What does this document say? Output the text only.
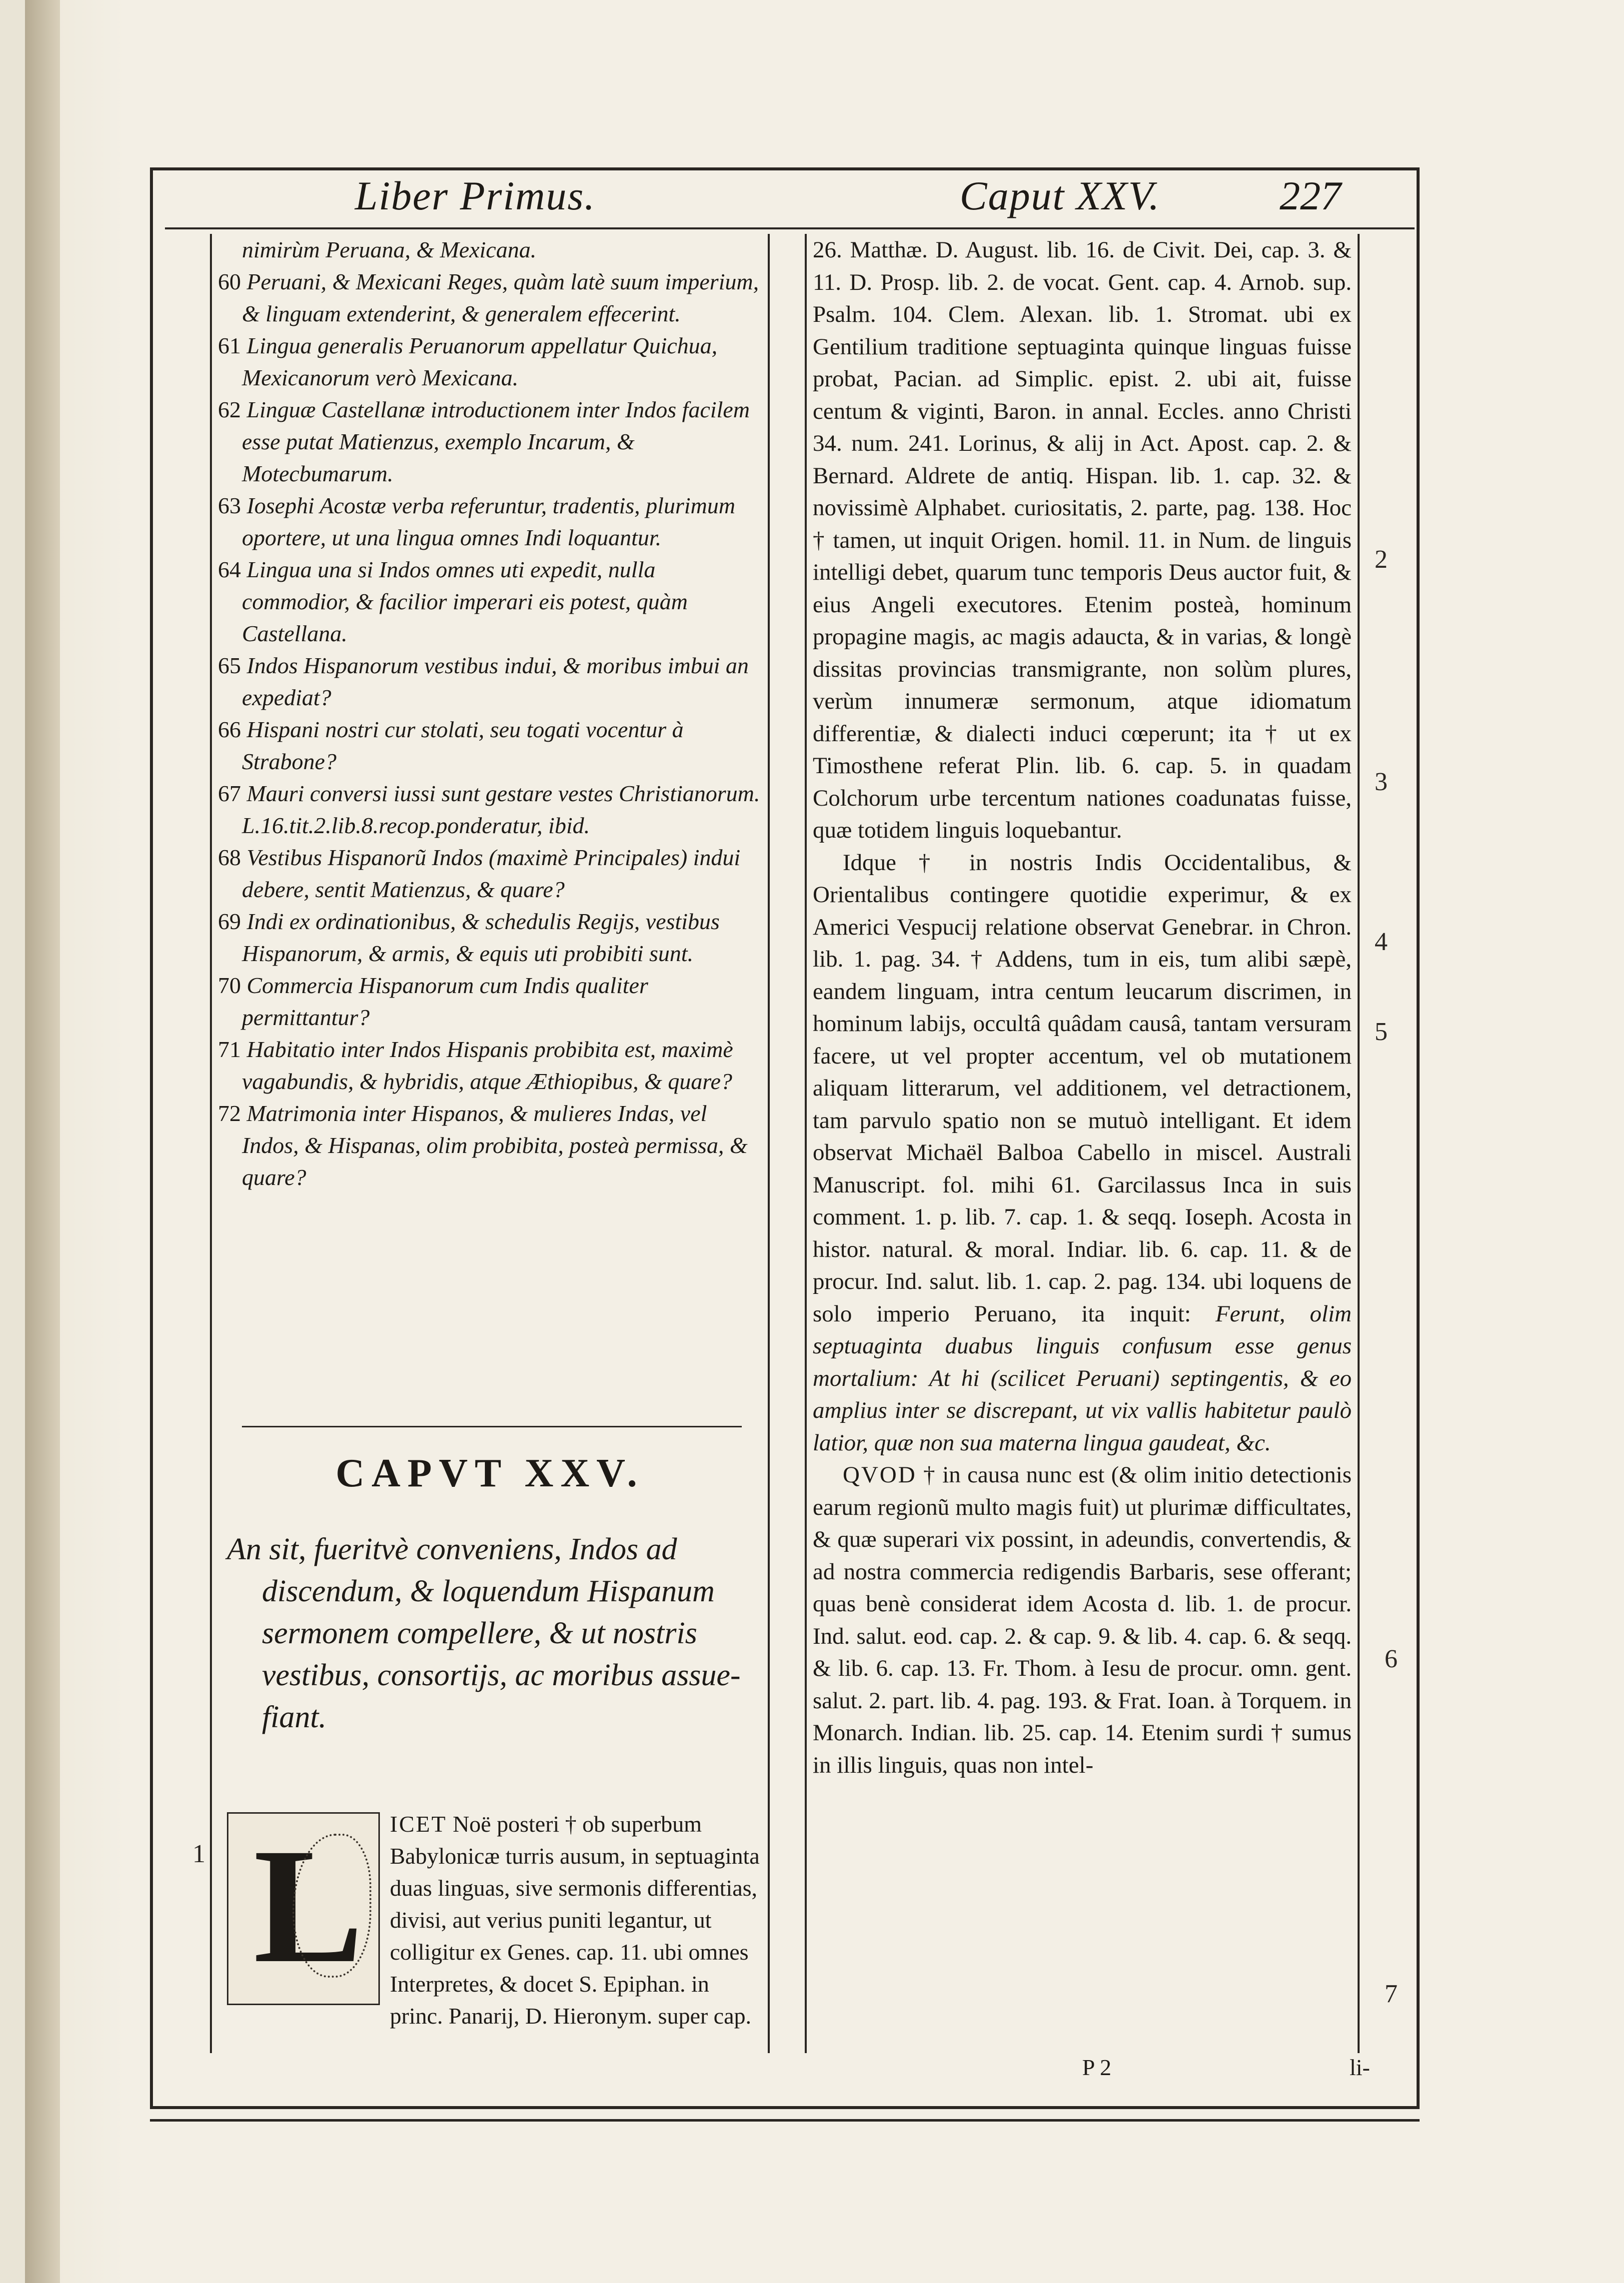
Liber Primus.	Caput XXV.	227

nimirùm Peruana, & Mexicana.

60 Peruani, & Mexicani Reges, quàm latè suum imperium, & linguam extenderint, & generalem effecerint.

61 Lingua generalis Peruanorum appellatur Quichua, Mexicanorum verò Mexicana.

62 Linguæ Castellanæ introductionem inter Indos facilem esse putat Matienzus, exemplo Incarum, & Motecbumarum.

63 Iosephi Acostæ verba referuntur, tradentis, plurimum oportere, ut una lingua omnes Indi loquantur.

64 Lingua una si Indos omnes uti expedit, nulla commodior, & facilior imperari eis potest, quàm Castellana.

65 Indos Hispanorum vestibus indui, & moribus imbui an expediat?

66 Hispani nostri cur stolati, seu togati vocentur à Strabone?

67 Mauri conversi iussi sunt gestare vestes Christianorum.

L.16.tit.2.lib.8.recop.ponderatur, ibid.

68 Vestibus Hispanorũ Indos (maximè Principales) indui debere, sentit Matienzus, & quare?

69 Indi ex ordinationibus, & schedulis Regijs, vestibus Hispanorum, & armis, & equis uti probibiti sunt.

70 Commercia Hispanorum cum Indis qualiter permittantur?

71 Habitatio inter Indos Hispanis probibita est, maximè vagabundis, & hybridis, atque Æthiopibus, & quare?

72 Matrimonia inter Hispanos, & mulieres Indas, vel Indos, & Hispanas, olim probibita, posteà permissa, & quare?

CAPVT XXV.
An sit, fueritvè conveniens, Indos ad
discendum, & loquendum Hispanum
sermonem compellere, & ut nostris
vestibus, consortijs, ac moribus assue-
fiant.
L ICET Noë posteri † ob superbum Babylonicæ turris ausum, in septuaginta duas linguas, sive sermonis differentias, divisi, aut verius puniti legantur, ut colligitur ex Genes. cap. 11. ubi omnes Interpretes, & docet S. Epiphan. in princ. Panarij, D. Hieronym. super cap.

26. Matthæ. D. August. lib. 16. de Civit. Dei, cap. 3. & 11. D. Prosp. lib. 2. de vocat. Gent. cap. 4. Arnob. sup. Psalm. 104. Clem. Alexan. lib. 1. Stromat. ubi ex Gentilium traditione septuaginta quinque linguas fuisse probat, Pacian. ad Simplic. epist. 2. ubi ait, fuisse centum & viginti, Baron. in annal. Eccles. anno Christi 34. num. 241. Lorinus, & alij in Act. Apost. cap. 2. & Bernard. Aldrete de antiq. Hispan. lib. 1. cap. 32. & novissimè Alphabet. curiositatis, 2. parte, pag. 138. Hoc † tamen, ut inquit Origen. homil. 11. in Num. de linguis intelligi debet, quarum tunc temporis Deus auctor fuit, & eius Angeli executores. Etenim posteà, hominum propagine magis, ac magis adaucta, & in varias, & longè dissitas provincias transmigrante, non solùm plures, verùm innumeræ sermonum, atque idiomatum differentiæ, & dialecti induci cœperunt; ita † ut ex Timosthene referat Plin. lib. 6. cap. 5. in quadam Colchorum urbe tercentum nationes coadunatas fuisse, quæ totidem linguis loquebantur.

Idque † in nostris Indis Occidentalibus, & Orientalibus contingere quotidie experimur, & ex Americi Vespucij relatione observat Genebrar. in Chron. lib. 1. pag. 34. † Addens, tum in eis, tum alibi sæpè, eandem linguam, intra centum leucarum discrimen, in hominum labijs, occultâ quâdam causâ, tantam versuram facere, ut vel propter accentum, vel ob mutationem aliquam litterarum, vel additionem, vel detractionem, tam parvulo spatio non se mutuò intelligant. Et idem observat Michaël Balboa Cabello in miscel. Australi Manuscript. fol. mihi 61. Garcilassus Inca in suis comment. 1. p. lib. 7. cap. 1. & seqq. Ioseph. Acosta in histor. natural. & moral. Indiar. lib. 6. cap. 11. & de procur. Ind. salut. lib. 1. cap. 2. pag. 134. ubi loquens de solo imperio Peruano, ita inquit: Ferunt, olim septuaginta duabus linguis confusum esse genus mortalium: At hi (scilicet Peruani) septingentis, & eo amplius inter se discrepant, ut vix vallis habitetur paulò latior, quæ non sua materna lingua gaudeat, &c.

QVOD † in causa nunc est (& olim initio detectionis earum regionũ multo magis fuit) ut plurimæ difficultates, & quæ superari vix possint, in adeundis, convertendis, & ad nostra commercia redigendis Barbaris, sese offerant; quas benè considerat idem Acosta d. lib. 1. de procur. Ind. salut. eod. cap. 2. & cap. 9. & lib. 4. cap. 6. & seqq. & lib. 6. cap. 13. Fr. Thom. à Iesu de procur. omn. gent. salut. 2. part. lib. 4. pag. 193. & Frat. Ioan. à Torquem. in Monarch. Indian. lib. 25. cap. 14. Etenim surdi † sumus in illis linguis, quas non intel-

1
2
3
4
5
6
7
P 2	li-
